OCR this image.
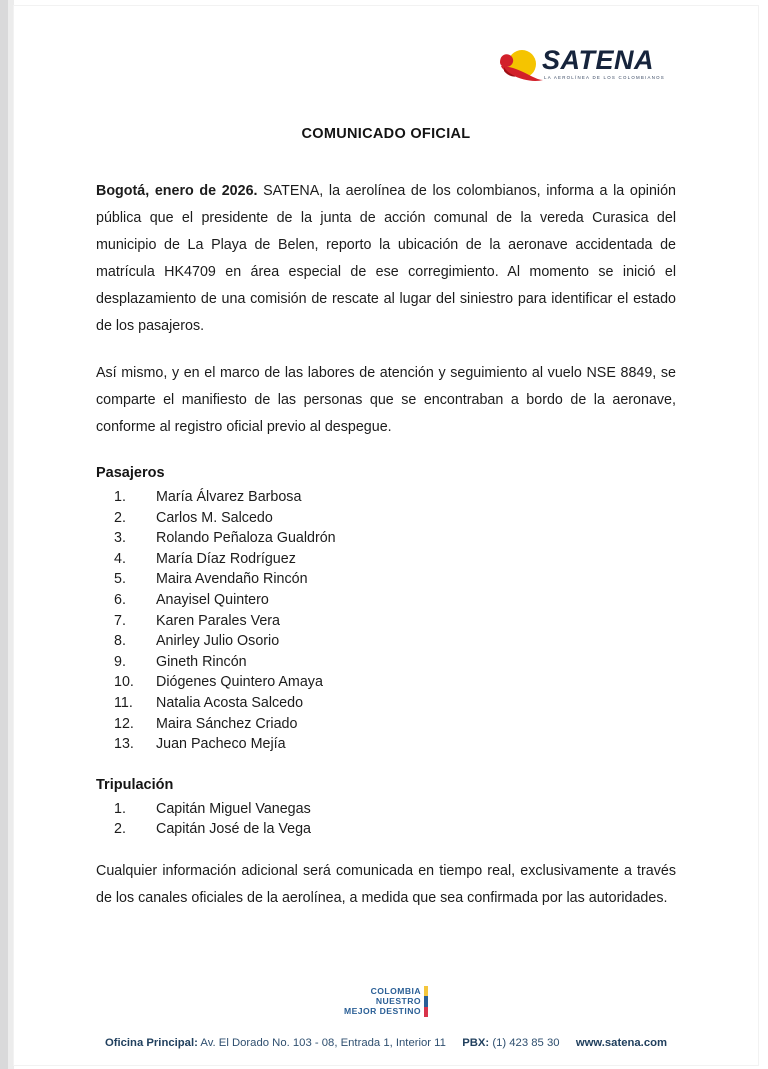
SATENA
LA AEROLÍNEA DE LOS COLOMBIANOS
COMUNICADO OFICIAL

Bogotá, enero de 2026. SATENA, la aerolínea de los colombianos, informa a la opinión pública que el presidente de la junta de acción comunal de la vereda Curasica del municipio de La Playa de Belen, reporto la ubicación de la aeronave accidentada de matrícula HK4709 en área especial de ese corregimiento. Al momento se inició el desplazamiento de una comisión de rescate al lugar del siniestro para identificar el estado de los pasajeros.

Así mismo, y en el marco de las labores de atención y seguimiento al vuelo NSE 8849, se comparte el manifiesto de las personas que se encontraban a bordo de la aeronave, conforme al registro oficial previo al despegue.

Pasajeros
María Álvarez Barbosa
Carlos M. Salcedo
Rolando Peñaloza Gualdrón
María Díaz Rodríguez
Maira Avendaño Rincón
Anayisel Quintero
Karen Parales Vera
Anirley Julio Osorio
Gineth Rincón
Diógenes Quintero Amaya
Natalia Acosta Salcedo
Maira Sánchez Criado
Juan Pacheco Mejía
Tripulación
Capitán Miguel Vanegas
Capitán José de la Vega

Cualquier información adicional será comunicada en tiempo real, exclusivamente a través de los canales oficiales de la aerolínea, a medida que sea confirmada por las autoridades.

COLOMBIA
NUESTRO
MEJOR DESTINO
Oficina Principal: Av. El Dorado No. 103 - 08, Entrada 1, Interior 11 PBX: (1) 423 85 30 www.satena.com
